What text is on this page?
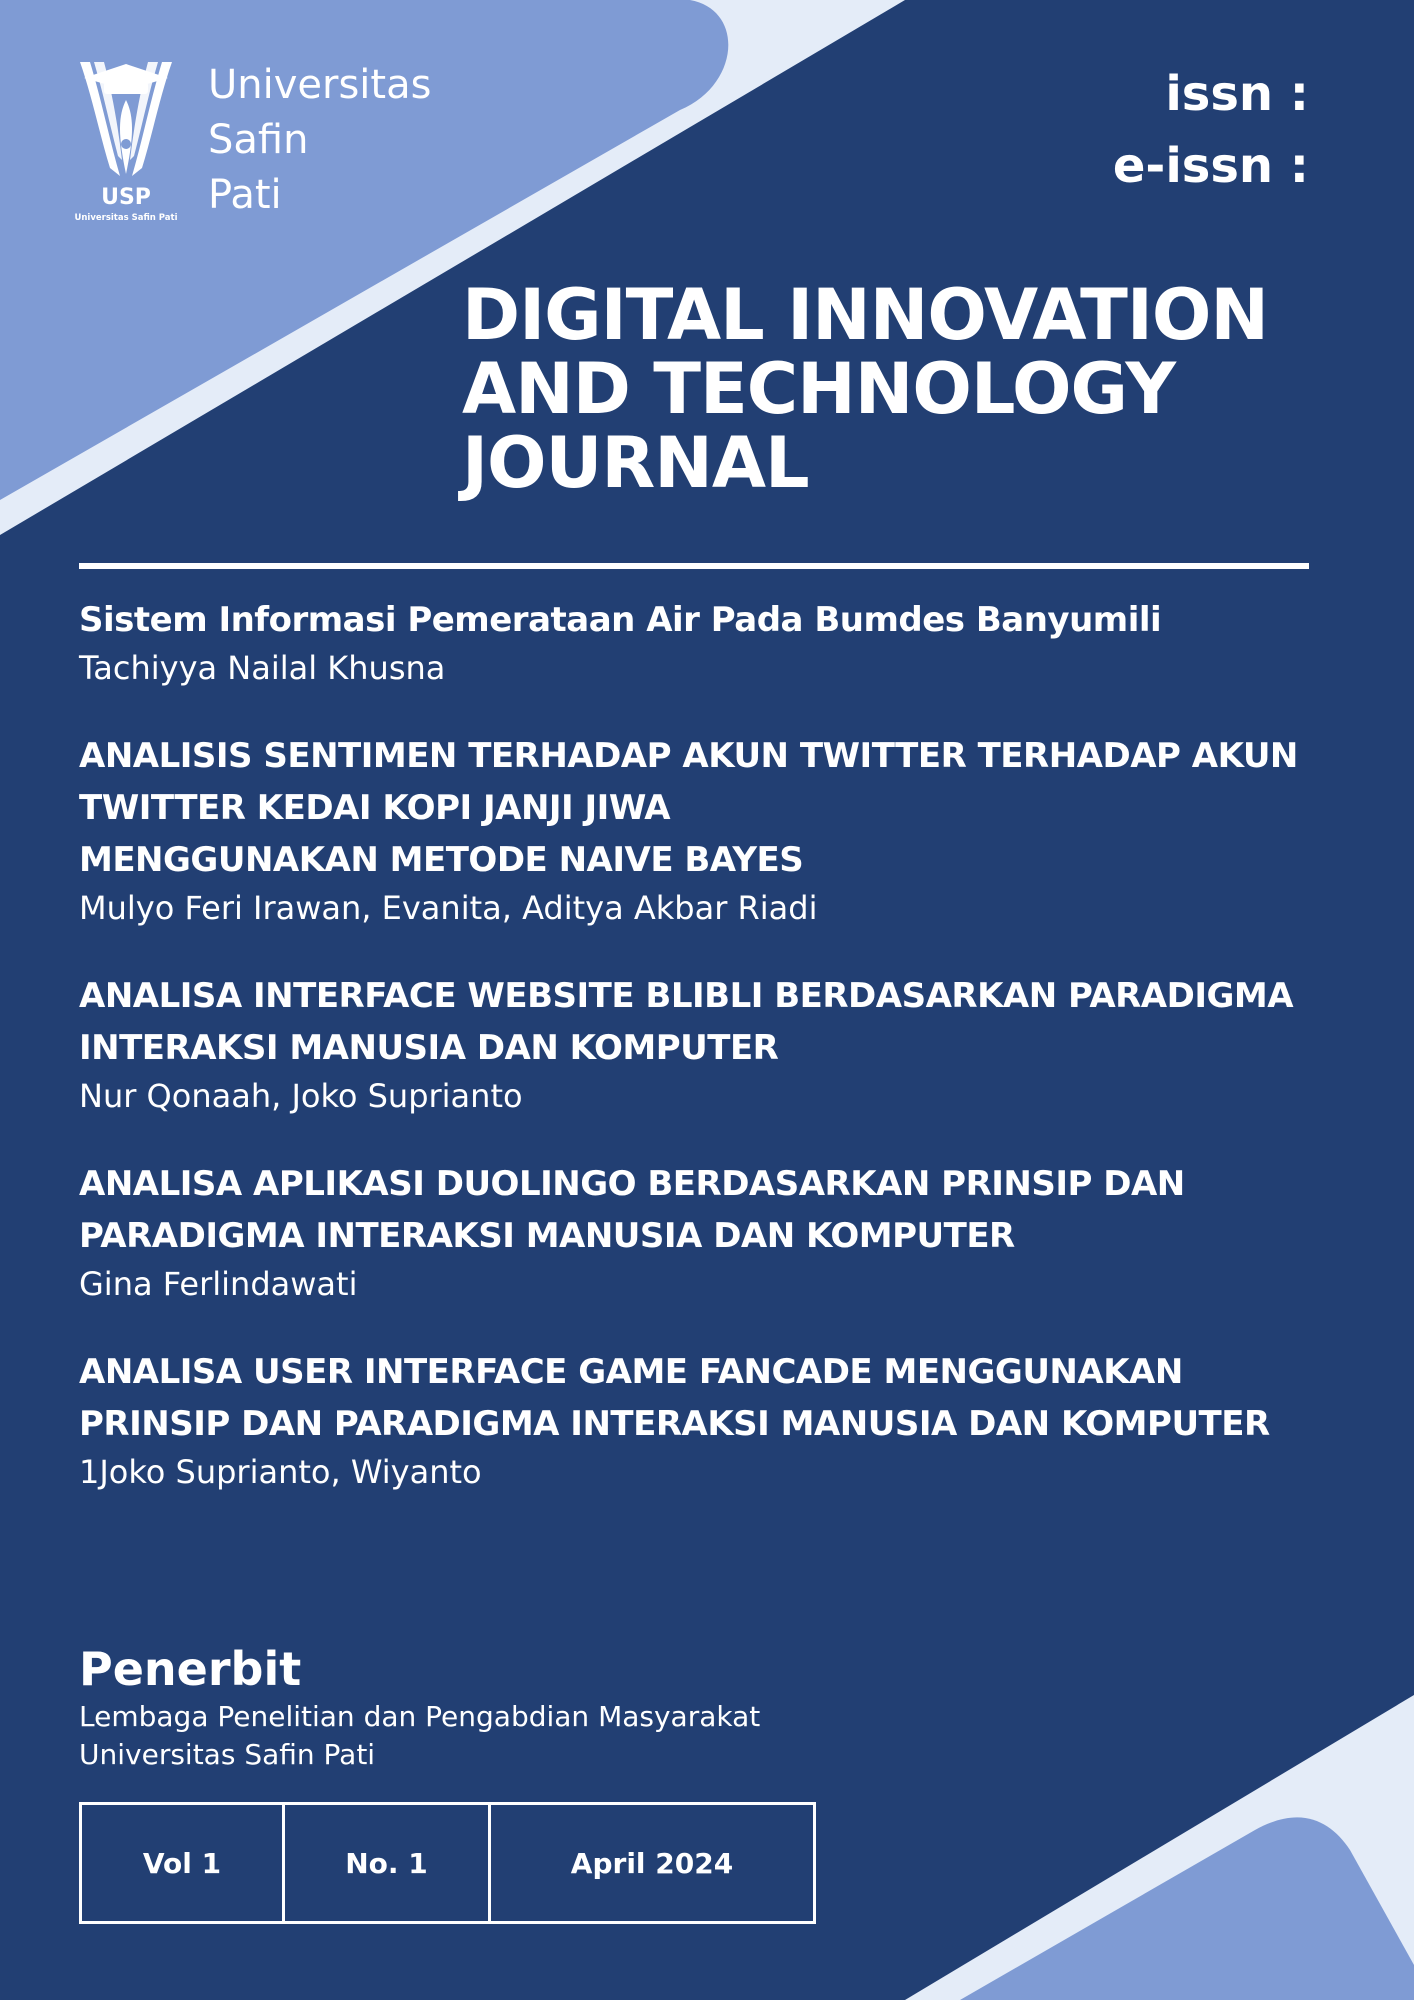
USP
Universitas Safin Pati
Universitas
Safin
Pati
issn :
e-issn :
DIGITAL INNOVATION
AND TECHNOLOGY
JOURNAL
Sistem Informasi Pemerataan Air Pada Bumdes Banyumili
Tachiyya Nailal Khusna
ANALISIS SENTIMEN TERHADAP AKUN TWITTER TERHADAP AKUN
TWITTER KEDAI KOPI JANJI JIWA
MENGGUNAKAN METODE NAIVE BAYES
Mulyo Feri Irawan, Evanita, Aditya Akbar Riadi
ANALISA INTERFACE WEBSITE BLIBLI BERDASARKAN PARADIGMA
INTERAKSI MANUSIA DAN KOMPUTER
Nur Qonaah, Joko Suprianto
ANALISA APLIKASI DUOLINGO BERDASARKAN PRINSIP DAN
PARADIGMA INTERAKSI MANUSIA DAN KOMPUTER
Gina Ferlindawati
ANALISA USER INTERFACE GAME FANCADE MENGGUNAKAN
PRINSIP DAN PARADIGMA INTERAKSI MANUSIA DAN KOMPUTER
1Joko Suprianto, Wiyanto
Penerbit
Lembaga Penelitian dan Pengabdian Masyarakat
Universitas Safin Pati
Vol 1	No. 1	April 2024
